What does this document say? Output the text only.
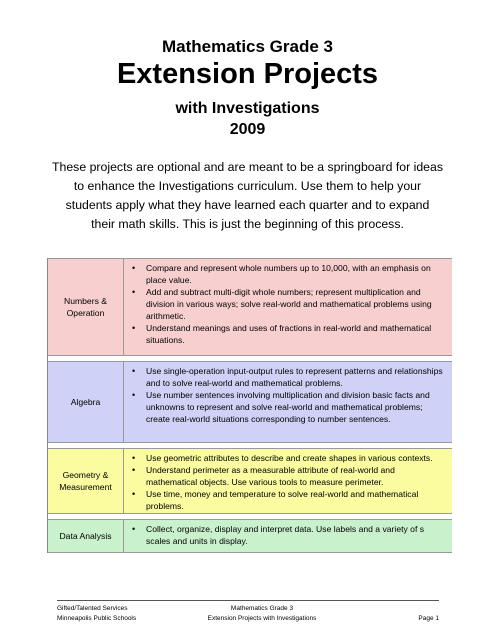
Mathematics Grade 3
Extension Projects
with Investigations
2009
These projects are optional and are meant to be a springboard for ideas
to enhance the Investigations curriculum. Use them to help your
students apply what they have learned each quarter and to expand
their math skills. This is just the beginning of this process.
Numbers &
Operation
• Compare and represent whole numbers up to 10,000, with an emphasis on place value.
• Add and subtract multi-digit whole numbers; represent multiplication and division in various ways; solve real-world and mathematical problems using arithmetic.
• Understand meanings and uses of fractions in real-world and mathematical situations.
Algebra
• Use single-operation input-output rules to represent patterns and relationships and to solve real-world and mathematical problems.
• Use number sentences involving multiplication and division basic facts and unknowns to represent and solve real-world and mathematical problems; create real-world situations corresponding to number sentences.
Geometry &
Measurement
• Use geometric attributes to describe and create shapes in various contexts.
• Understand perimeter as a measurable attribute of real-world and mathematical objects. Use various tools to measure perimeter.
• Use time, money and temperature to solve real-world and mathematical problems.
Data Analysis
• Collect, organize, display and interpret data. Use labels and a variety of s scales and units in display.
Gifted/Talented Services
Minneapolis Public Schools
Mathematics Grade 3
Extension Projects with Investigations
	Page 1
